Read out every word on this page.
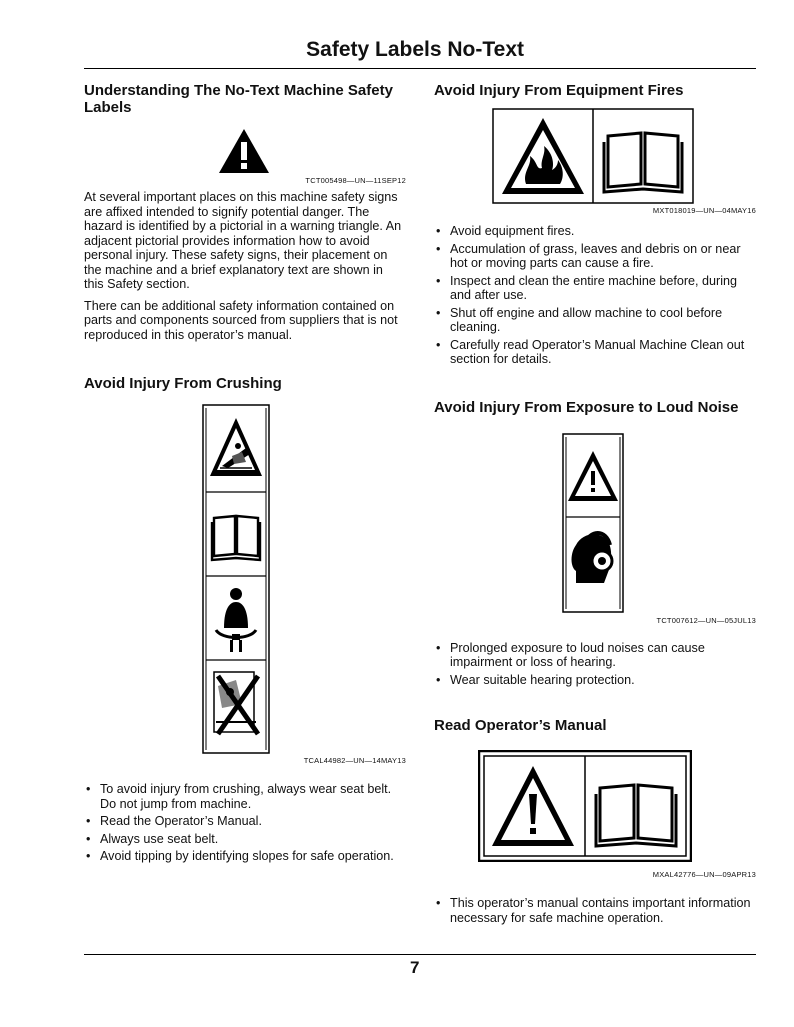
Safety Labels No-Text
Understanding The No-Text Machine Safety Labels
TCT005498—UN—11SEP12

At several important places on this machine safety signs are affixed intended to signify potential danger. The hazard is identified by a pictorial in a warning triangle. An adjacent pictorial provides information how to avoid personal injury. These safety signs, their placement on the machine and a brief explanatory text are shown in this Safety section.

There can be additional safety information contained on parts and components sourced from suppliers that is not reproduced in this operator’s manual.

Avoid Injury From Crushing
TCAL44982—UN—14MAY13
• To avoid injury from crushing, always wear seat belt. Do not jump from machine.
• Read the Operator’s Manual.
• Always use seat belt.
• Avoid tipping by identifying slopes for safe operation.
Avoid Injury From Equipment Fires
MXT018019—UN—04MAY16
• Avoid equipment fires.
• Accumulation of grass, leaves and debris on or near hot or moving parts can cause a fire.
• Inspect and clean the entire machine before, during and after use.
• Shut off engine and allow machine to cool before cleaning.
• Carefully read Operator’s Manual Machine Clean out section for details.
Avoid Injury From Exposure to Loud Noise
TCT007612—UN—05JUL13
• Prolonged exposure to loud noises can cause impairment or loss of hearing.
• Wear suitable hearing protection.
Read Operator’s Manual
MXAL42776—UN—09APR13
• This operator’s manual contains important information necessary for safe machine operation.
7
